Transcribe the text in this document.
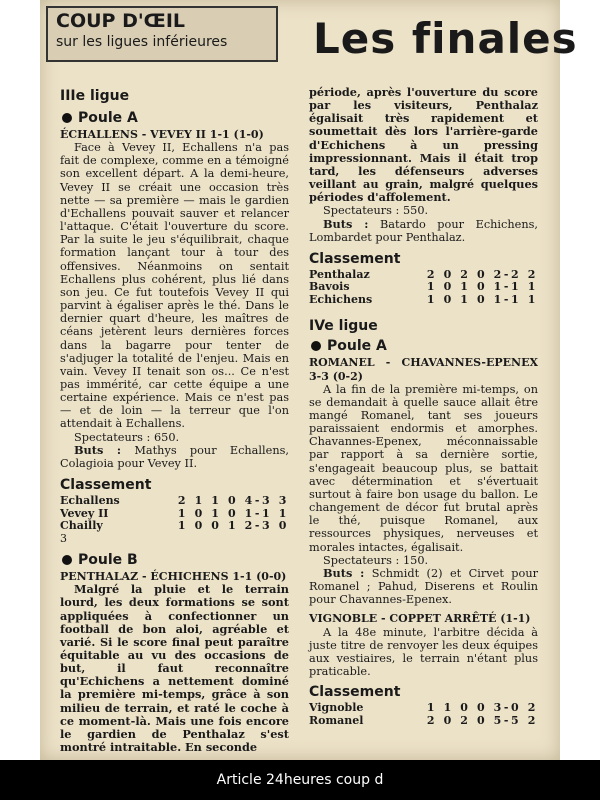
COUP D'ŒIL
sur les ligues inférieures	Les finales

IIIe ligue

Poule A

ÉCHALLENS - VEVEY II 1-1 (1-0)

Face à Vevey II, Echallens n'a pas fait de complexe, comme en a témoigné son excellent départ. A la demi-heure, Vevey II se créait une occasion très nette — sa première — mais le gardien d'Echallens pouvait sauver et relancer l'attaque. C'était l'ouverture du score. Par la suite le jeu s'équilibrait, chaque formation lançant tour à tour des offensives. Néanmoins on sentait Echallens plus cohérent, plus lié dans son jeu. Ce fut toutefois Vevey II qui parvint à égaliser après le thé. Dans le dernier quart d'heure, les maîtres de céans jetèrent leurs dernières forces dans la bagarre pour tenter de s'adjuger la totalité de l'enjeu. Mais en vain. Vevey II tenait son os... Ce n'est pas immérité, car cette équipe a une certaine expérience. Mais ce n'est pas — et de loin — la terreur que l'on attendait à Echallens.

Spectateurs : 650.

Buts : Mathys pour Echallens, Colagioia pour Vevey II.

Classement

Echallens	2 1 1 0 4-3 3
Vevey II	1 0 1 0 1-1 1
Chailly	1 0 0 1 2-3 0
3

Poule B

PENTHALAZ - ÉCHICHENS 1-1 (0-0)

Malgré la pluie et le terrain lourd, les deux formations se sont appliquées à confectionner un football de bon aloi, agréable et varié. Si le score final peut paraître équitable au vu des occasions de but, il faut reconnaître qu'Echichens a nettement dominé la première mi-temps, grâce à son milieu de terrain, et raté le coche à ce moment-là. Mais une fois encore le gardien de Penthalaz s'est montré intraitable. En seconde

période, après l'ouverture du score par les visiteurs, Penthalaz égalisait très rapidement et soumettait dès lors l'arrière-garde d'Echichens à un pressing impressionnant. Mais il était trop tard, les défenseurs adverses veillant au grain, malgré quelques périodes d'affolement.

Spectateurs : 550.

Buts : Batardo pour Echichens, Lombardet pour Penthalaz.

Classement

Penthalaz	2 0 2 0 2-2 2
Bavois	1 0 1 0 1-1 1
Echichens	1 0 1 0 1-1 1

IVe ligue

Poule A

ROMANEL - CHAVANNES-EPENEX 3-3 (0-2)

A la fin de la première mi-temps, on se demandait à quelle sauce allait être mangé Romanel, tant ses joueurs paraissaient endormis et amorphes. Chavannes-Epenex, méconnaissable par rapport à sa dernière sortie, s'engageait beaucoup plus, se battait avec détermination et s'évertuait surtout à faire bon usage du ballon. Le changement de décor fut brutal après le thé, puisque Romanel, aux ressources physiques, nerveuses et morales intactes, égalisait.

Spectateurs : 150.

Buts : Schmidt (2) et Cirvet pour Romanel ; Pahud, Diserens et Roulin pour Chavannes-Epenex.

VIGNOBLE - COPPET ARRÊTÉ (1-1)

A la 48e minute, l'arbitre décida à juste titre de renvoyer les deux équipes aux vestiaires, le terrain n'étant plus praticable.

Classement

Vignoble	1 1 0 0 3-0 2
Romanel	2 0 2 0 5-5 2
Article 24heures coup d
